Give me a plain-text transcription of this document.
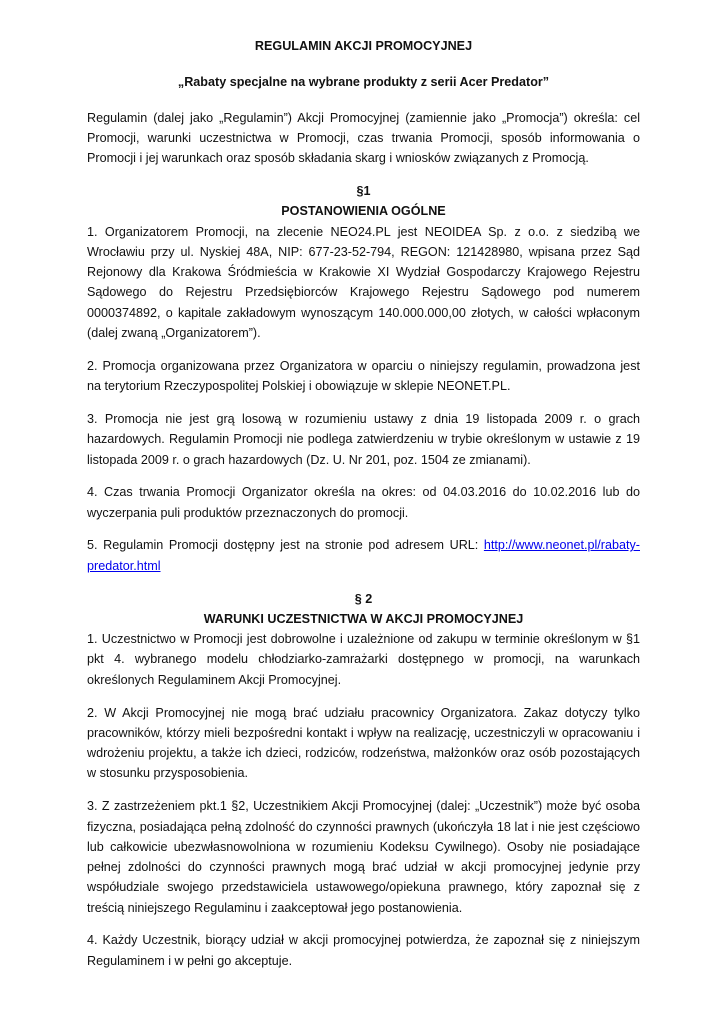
REGULAMIN AKCJI PROMOCYJNEJ
„Rabaty specjalne na wybrane produkty z serii Acer Predator”

Regulamin (dalej jako „Regulamin”) Akcji Promocyjnej (zamiennie jako „Promocja”) określa: cel Promocji, warunki uczestnictwa w Promocji, czas trwania Promocji, sposób informowania o Promocji i jej warunkach oraz sposób składania skarg i wniosków związanych z Promocją.

§1
POSTANOWIENIA OGÓLNE

1. Organizatorem Promocji, na zlecenie NEO24.PL jest NEOIDEA Sp. z o.o. z siedzibą we Wrocławiu przy ul. Nyskiej 48A, NIP: 677-23-52-794, REGON: 121428980, wpisana przez Sąd Rejonowy dla Krakowa Śródmieścia w Krakowie XI Wydział Gospodarczy Krajowego Rejestru Sądowego do Rejestru Przedsiębiorców Krajowego Rejestru Sądowego pod numerem 0000374892, o kapitale zakładowym wynoszącym 140.000.000,00 złotych, w całości wpłaconym (dalej zwaną „Organizatorem”).

2. Promocja organizowana przez Organizatora w oparciu o niniejszy regulamin, prowadzona jest na terytorium Rzeczypospolitej Polskiej i obowiązuje w sklepie NEONET.PL.

3. Promocja nie jest grą losową w rozumieniu ustawy z dnia 19 listopada 2009 r. o grach hazardowych. Regulamin Promocji nie podlega zatwierdzeniu w trybie określonym w ustawie z 19 listopada 2009 r. o grach hazardowych (Dz. U. Nr 201, poz. 1504 ze zmianami).

4. Czas trwania Promocji Organizator określa na okres: od 04.03.2016 do 10.02.2016 lub do wyczerpania puli produktów przeznaczonych do promocji.

5. Regulamin Promocji dostępny jest na stronie pod adresem URL: http://www.neonet.pl/rabaty-predator.html

§ 2
WARUNKI UCZESTNICTWA W AKCJI PROMOCYJNEJ

1. Uczestnictwo w Promocji jest dobrowolne i uzależnione od zakupu w terminie określonym w §1 pkt 4. wybranego modelu chłodziarko-zamrażarki dostępnego w promocji, na warunkach określonych Regulaminem Akcji Promocyjnej.

2. W Akcji Promocyjnej nie mogą brać udziału pracownicy Organizatora. Zakaz dotyczy tylko pracowników, którzy mieli bezpośredni kontakt i wpływ na realizację, uczestniczyli w opracowaniu i wdrożeniu projektu, a także ich dzieci, rodziców, rodzeństwa, małżonków oraz osób pozostających w stosunku przysposobienia.

3. Z zastrzeżeniem pkt.1 §2, Uczestnikiem Akcji Promocyjnej (dalej: „Uczestnik”) może być osoba fizyczna, posiadająca pełną zdolność do czynności prawnych (ukończyła 18 lat i nie jest częściowo lub całkowicie ubezwłasnowolniona w rozumieniu Kodeksu Cywilnego). Osoby nie posiadające pełnej zdolności do czynności prawnych mogą brać udział w akcji promocyjnej jedynie przy współudziale swojego przedstawiciela ustawowego/opiekuna prawnego, który zapoznał się z treścią niniejszego Regulaminu i zaakceptował jego postanowienia.

4. Każdy Uczestnik, biorący udział w akcji promocyjnej potwierdza, że zapoznał się z niniejszym Regulaminem i w pełni go akceptuje.
